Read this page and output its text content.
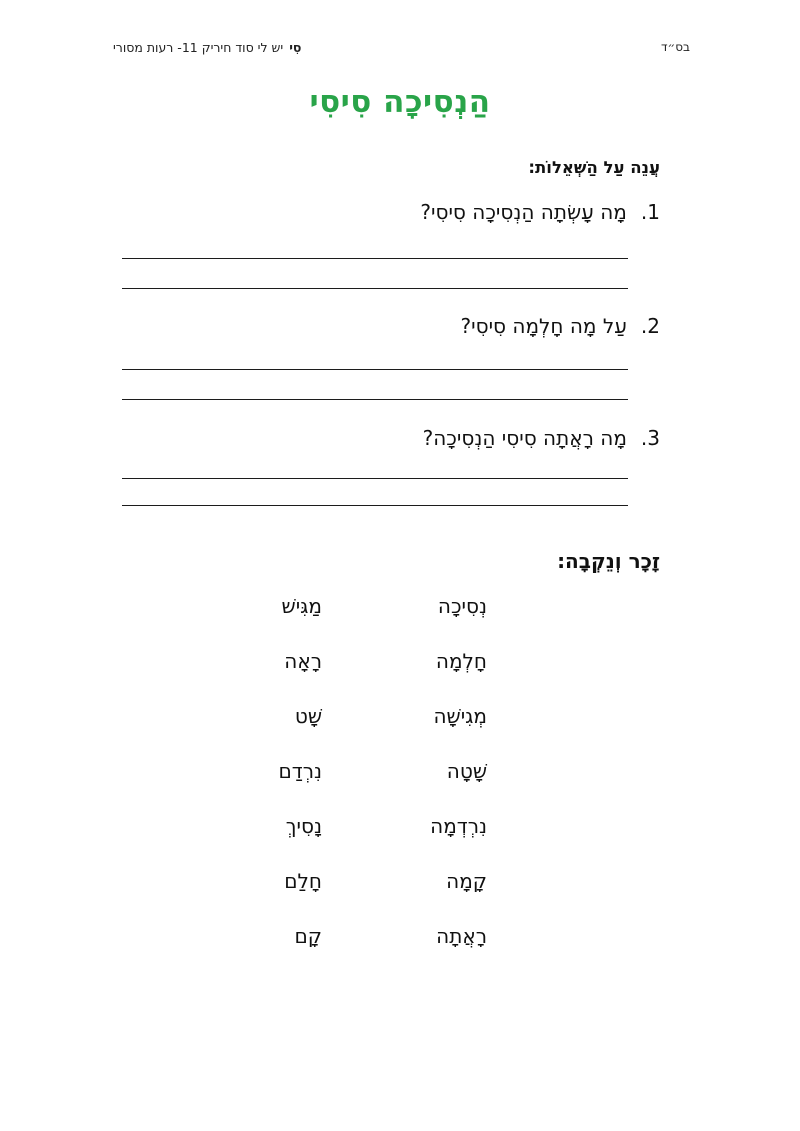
בס״ד
סִייש לי סוד חיריק 11- רעות מסורי
הַנְסִיכָה סִיסִי
עֲנֵה עַל הַשְּׁאֵלוֹת:
1.מָה עָשְׂתָה הַנְסִיכָה סִיסִי?
2.עַל מָה חָלְמָה סִיסִי?
3.מָה רָאֲתָה סִיסִי הַנְסִיכָה?
זָכָר וְנֵקְבָה:
נְסִיכָה
מַגִּישׁ
חָלְמָה
רָאָה
מְגִישָׁה
שָׁט
שָׁטָה
נִרְדַם
נִרְדְמָה
נָסִיךְ
קָמָה
חָלַם
רָאֲתָה
קָם
